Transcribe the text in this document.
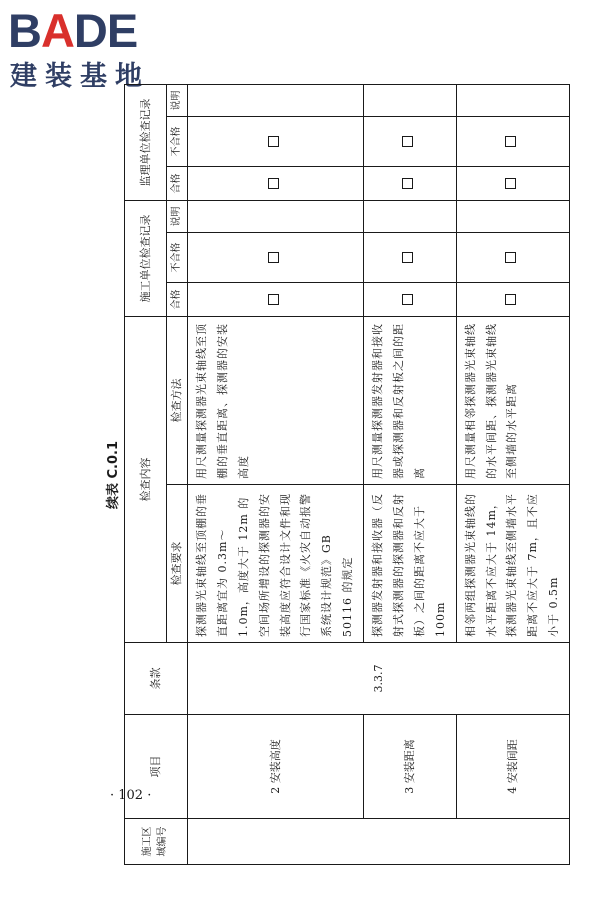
BADE
建装基地
· 102 ·
续表 C.0.1
施工区域编号	项目	条款	检查内容		施工单位检查记录			监理单位检查记录		
			检查要求	检查方法	合格	不合格	说明	合格	不合格	说明

	2 安装高度	3.3.7	探测器光束轴线至顶棚的垂直距离宜为 0.3m～1.0m，高度大于 12m 的空间场所增设的探测器的安装高度应符合设计文件和现行国家标准《火灾自动报警系统设计规范》GB 50116 的规定	用尺测量探测器光束轴线至顶棚的垂直距离、探测器的安装高度						
	3 安装距离		探测器发射器和接收器（反射式探测器的探测器和反射板）之间的距离不应大于 100m	用尺测量探测器发射器和接收器或探测器和反射板之间的距离						
	4 安装间距		相邻两组探测器光束轴线的水平距离不应大于 14m，探测器光束轴线至侧墙水平距离不应大于 7m，且不应小于 0.5m	用尺测量相邻探测器光束轴线的水平间距、探测器光束轴线至侧墙的水平距离						
